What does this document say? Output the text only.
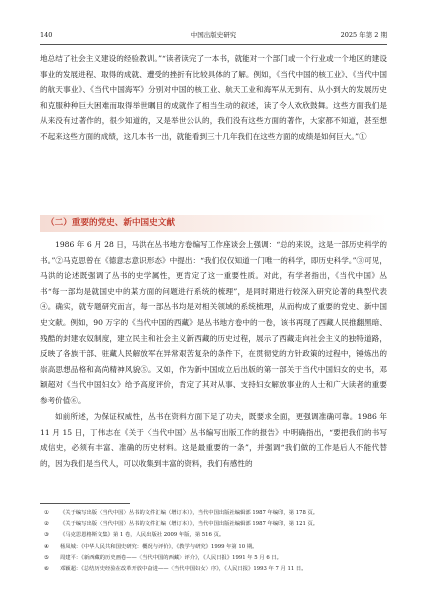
140	中国出版史研究	2025 年第 2 期

地总结了社会主义建设的经验教训。”“读者读完了一本书，就能对一个部门或一个行业或一个地区的建设事业的发展进程、取得的成就、遭受的挫折有比较具体的了解。例如，《当代中国的核工业》、《当代中国的航天事业》、《当代中国海军》分别对中国的核工业、航天工业和海军从无到有、从小到大的发展历史和克服种种巨大困难而取得举世瞩目的成就作了相当生动的叙述，读了令人欢欣鼓舞。这些方面我们是从来没有过著作的，很少知道的，又是举世公认的，我们没有这些方面的著作，大家都不知道，甚至想不起来这些方面的成绩，这几本书一出，就能看到三十几年我们在这些方面的成绩是如何巨大。”①

（二）重要的党史、新中国史文献

1986 年 6 月 28 日，马洪在丛书地方卷编写工作座谈会上强调：“总的来说，这是一部历史科学的书。”②马克思曾在《德意志意识形态》中提出：“我们仅仅知道一门唯一的科学，即历史科学。”③可见，马洪的论述既强调了丛书的史学属性，更肯定了这一重要性质。对此，有学者指出，《当代中国》丛书“每一部均是就国史中的某方面的问题进行系统的梳理”，是同时期进行较深入研究论著的典型代表④。确实，就专题研究而言，每一部丛书均是对相关领域的系统梳理，从而构成了重要的党史、新中国史文献。例如，90 万字的《当代中国的西藏》是丛书地方卷中的一卷，该书再现了西藏人民推翻黑暗、残酷的封建农奴制度，建立民主和社会主义新西藏的历史过程，展示了西藏走向社会主义的独特道路，反映了各族干部、驻藏人民解放军在异常艰苦复杂的条件下，在贯彻党的方针政策的过程中，锤炼出的崇高思想品格和高尚精神风貌⑤。又如，作为新中国成立后出版的第一部关于当代中国妇女的史书，邓颖超对《当代中国妇女》给予高度评价，肯定了其对从事、支持妇女解放事业的人士和广大读者的重要参考价值⑥。

如前所述，为保证权威性，丛书在资料方面下足了功夫，既要求全面，更强调准确可靠。1986 年 11 月 15 日，丁伟志在《关于〈当代中国〉丛书编写出版工作的报告》中明确指出，“要把我们的书写成信史，必须有丰富、准确的历史材料。这是最重要的一条”，并强调“我们做的工作是后人不能代替的，因为我们是当代人，可以收集到丰富的资料，我们有感性的

① 《关于编写出版〈当代中国〉丛书的文件汇编（增订本）》，当代中国出版社编辑部 1987 年编印，第 178 页。
② 《关于编写出版〈当代中国〉丛书的文件汇编（增订本）》，当代中国出版社编辑部 1987 年编印，第 121 页。
③ 《马克思恩格斯文集》第 1 卷，人民出版社 2009 年版，第 516 页。
④ 杨凤城：《中华人民共和国史研究：概况与评价》，《教学与研究》1999 年第 10 期。
⑤ 周建平：《新西藏的历史画卷——〈当代中国的西藏〉评介》，《人民日报》1991 年 5 月 6 日。
⑥ 邓颖超：《总结历史经验在改革开放中奋进——〈当代中国妇女〉序》，《人民日报》1993 年 7 月 11 日。
